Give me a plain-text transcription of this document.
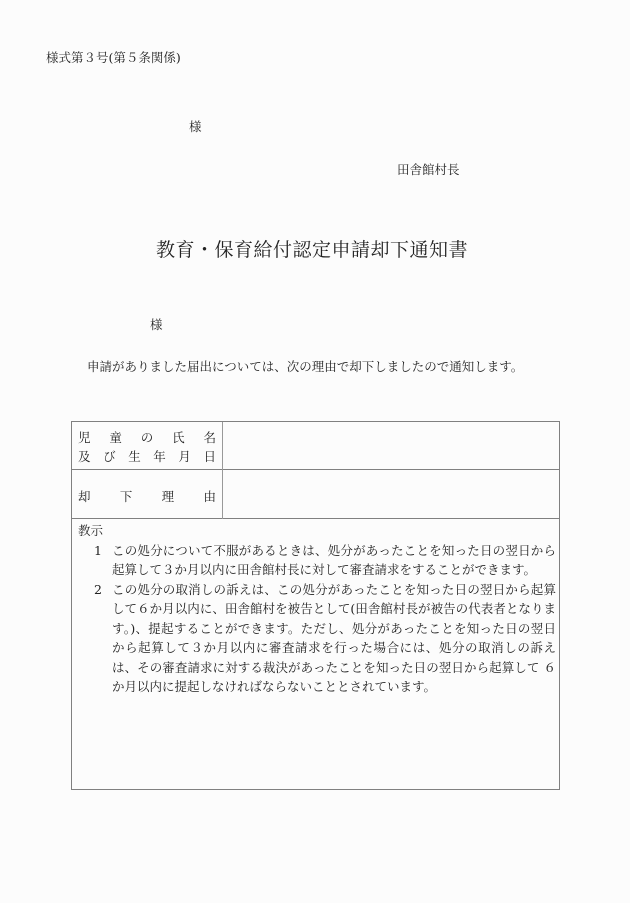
様式第３号(第５条関係)
様
田舎館村長
教育・保育給付認定申請却下通知書
様
申請がありました届出については、次の理由で却下しましたので通知します。
児 童 の 氏 名
及 び 生 年 月 日
却 下 理 由
教示
1 この処分について不服があるときは、処分があったことを知った日の翌日から起算して３か月以内に田舎館村長に対して審査請求をすることができます。
2 この処分の取消しの訴えは、この処分があったことを知った日の翌日から起算して６か月以内に、田舎館村を被告として(田舎館村長が被告の代表者となります。)、提起することができます。ただし、処分があったことを知った日の翌日から起算して３か月以内に審査請求を行った場合には、処分の取消しの訴えは、その審査請求に対する裁決があったことを知った日の翌日から起算して ６か月以内に提起しなければならないこととされています。
